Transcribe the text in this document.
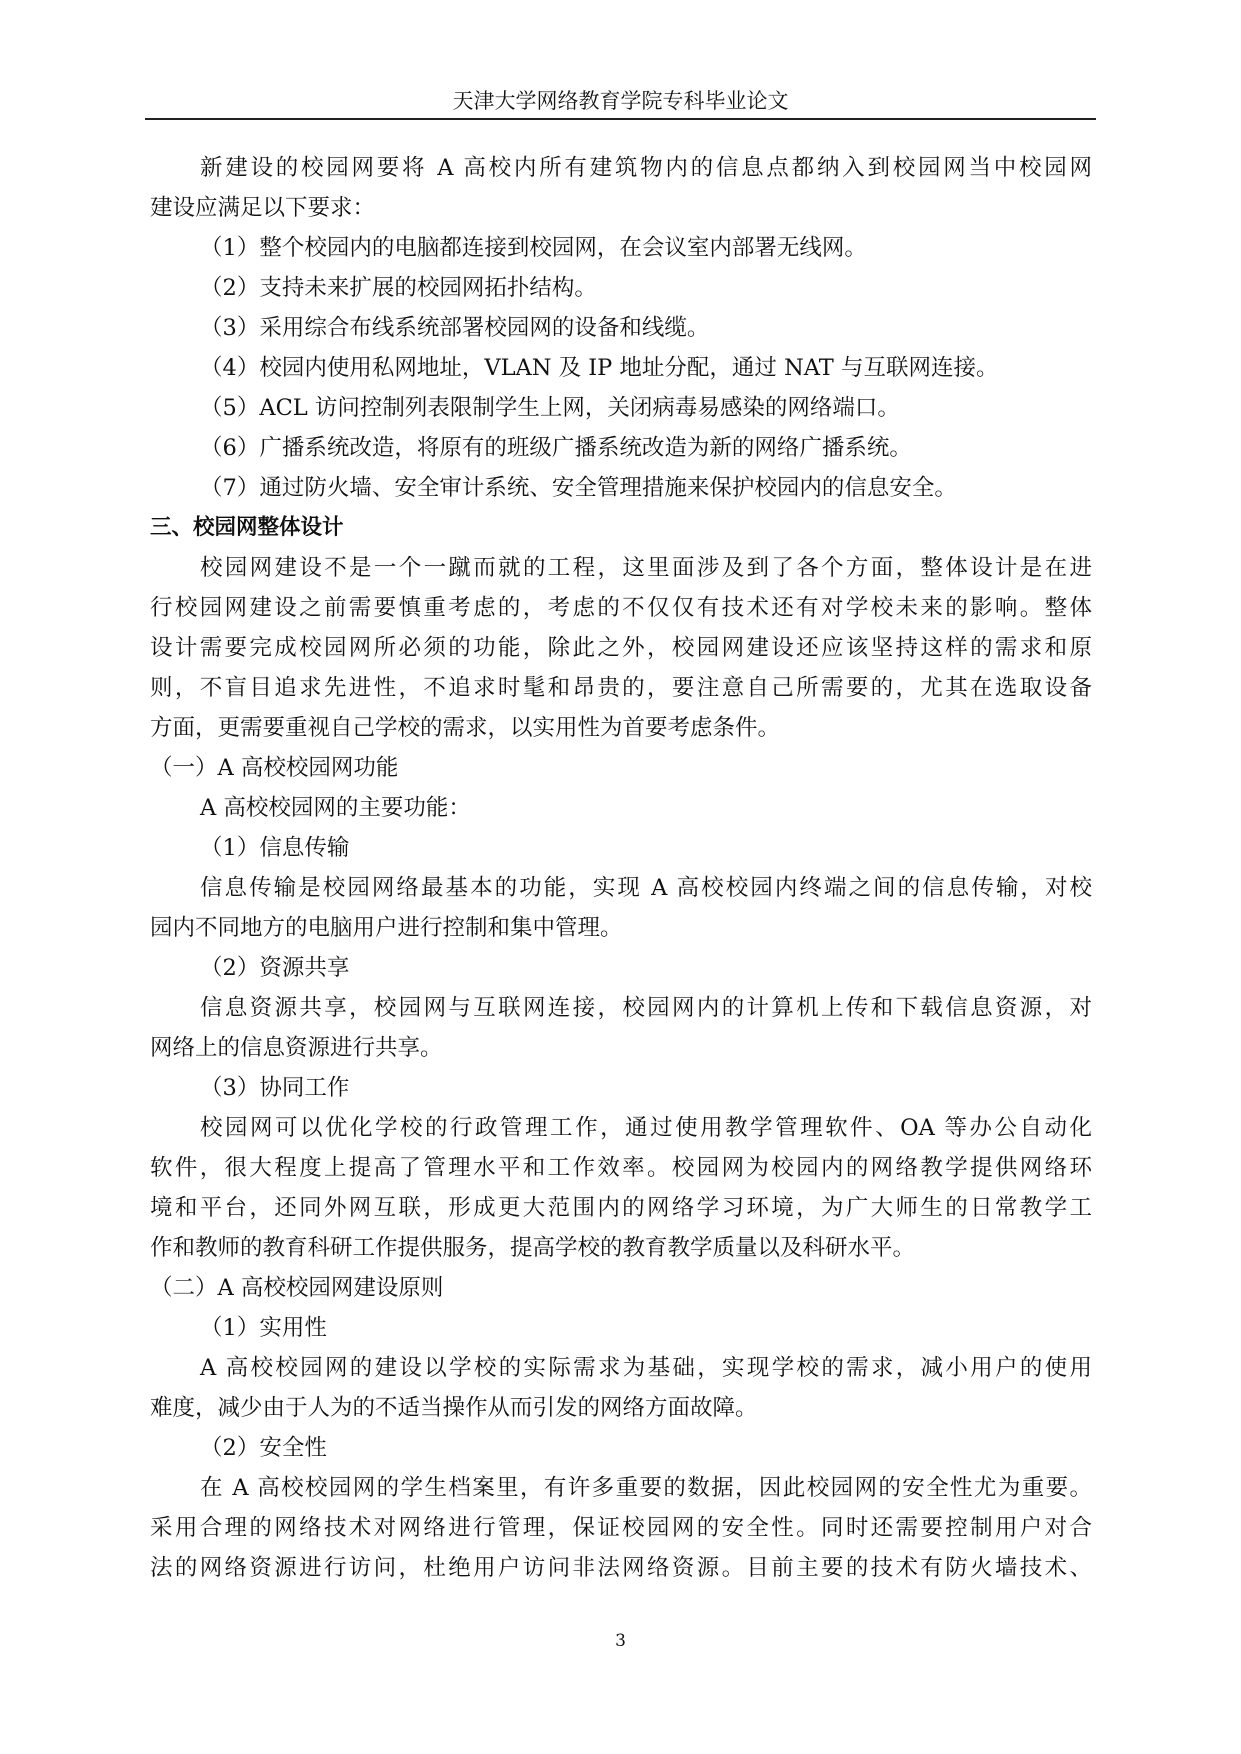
天津大学网络教育学院专科毕业论文
新建设的校园网要将 A 高校内所有建筑物内的信息点都纳入到校园网当中校园网
建设应满足以下要求：
（1）整个校园内的电脑都连接到校园网，在会议室内部署无线网。
（2）支持未来扩展的校园网拓扑结构。
（3）采用综合布线系统部署校园网的设备和线缆。
（4）校园内使用私网地址，VLAN 及 IP 地址分配，通过 NAT 与互联网连接。
（5）ACL 访问控制列表限制学生上网，关闭病毒易感染的网络端口。
（6）广播系统改造，将原有的班级广播系统改造为新的网络广播系统。
（7）通过防火墙、安全审计系统、安全管理措施来保护校园内的信息安全。
三、校园网整体设计
校园网建设不是一个一蹴而就的工程，这里面涉及到了各个方面，整体设计是在进
行校园网建设之前需要慎重考虑的，考虑的不仅仅有技术还有对学校未来的影响。整体
设计需要完成校园网所必须的功能，除此之外，校园网建设还应该坚持这样的需求和原
则，不盲目追求先进性，不追求时髦和昂贵的，要注意自己所需要的，尤其在选取设备
方面，更需要重视自己学校的需求，以实用性为首要考虑条件。
（一）A 高校校园网功能
A 高校校园网的主要功能：
（1）信息传输
信息传输是校园网络最基本的功能，实现 A 高校校园内终端之间的信息传输，对校
园内不同地方的电脑用户进行控制和集中管理。
（2）资源共享
信息资源共享，校园网与互联网连接，校园网内的计算机上传和下载信息资源，对
网络上的信息资源进行共享。
（3）协同工作
校园网可以优化学校的行政管理工作，通过使用教学管理软件、OA 等办公自动化
软件，很大程度上提高了管理水平和工作效率。校园网为校园内的网络教学提供网络环
境和平台，还同外网互联，形成更大范围内的网络学习环境，为广大师生的日常教学工
作和教师的教育科研工作提供服务，提高学校的教育教学质量以及科研水平。
（二）A 高校校园网建设原则
（1）实用性
A 高校校园网的建设以学校的实际需求为基础，实现学校的需求，减小用户的使用
难度，减少由于人为的不适当操作从而引发的网络方面故障。
（2）安全性
在 A 高校校园网的学生档案里，有许多重要的数据，因此校园网的安全性尤为重要。
采用合理的网络技术对网络进行管理，保证校园网的安全性。同时还需要控制用户对合
法的网络资源进行访问，杜绝用户访问非法网络资源。目前主要的技术有防火墙技术、
3
